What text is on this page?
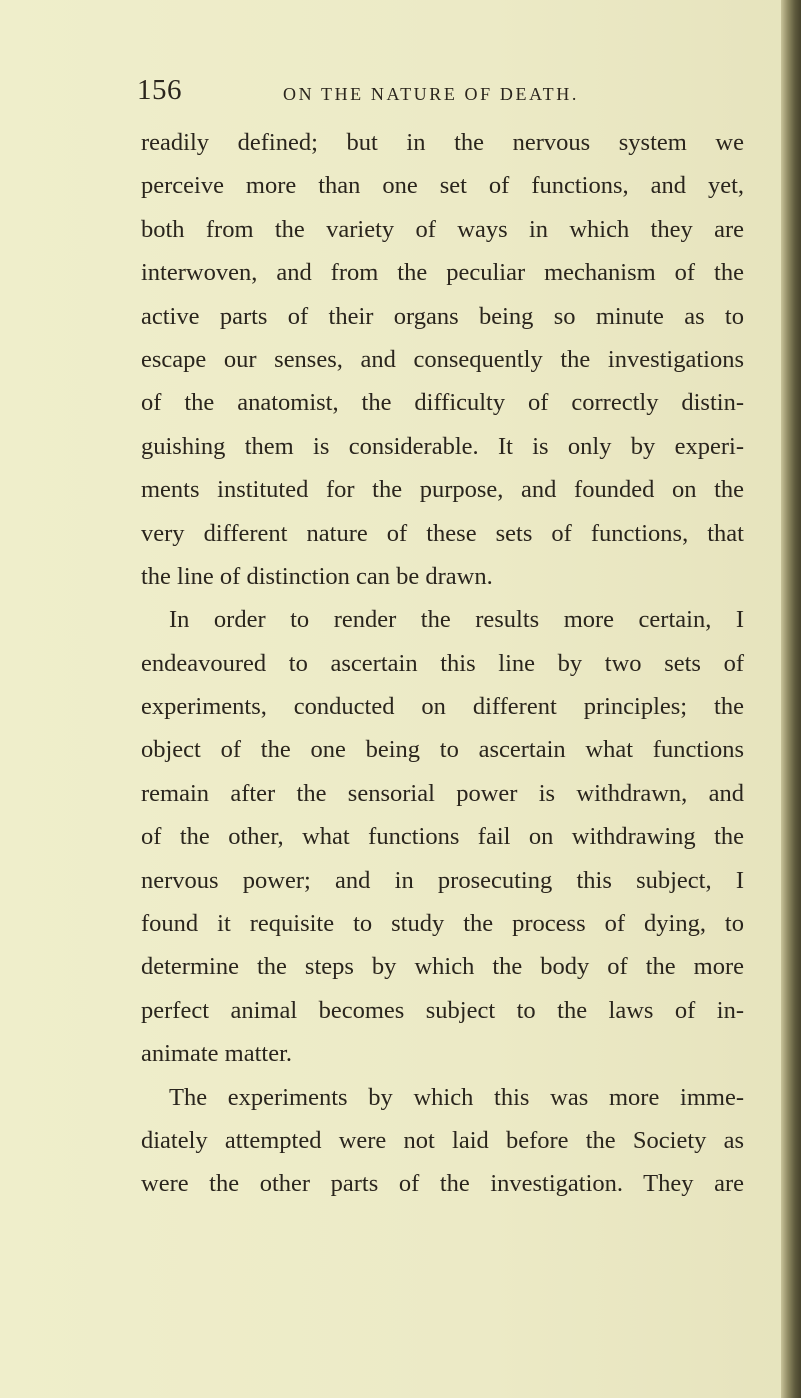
156	ON THE NATURE OF DEATH.
readily defined; but in the nervous system we
perceive more than one set of functions, and yet,
both from the variety of ways in which they are
interwoven, and from the peculiar mechanism of the
active parts of their organs being so minute as to
escape our senses, and consequently the investigations
of the anatomist, the difficulty of correctly distin-
guishing them is considerable. It is only by experi-
ments instituted for the purpose, and founded on the
very different nature of these sets of functions, that
the line of distinction can be drawn.
In order to render the results more certain, I
endeavoured to ascertain this line by two sets of
experiments, conducted on different principles; the
object of the one being to ascertain what functions
remain after the sensorial power is withdrawn, and
of the other, what functions fail on withdrawing the
nervous power; and in prosecuting this subject, I
found it requisite to study the process of dying, to
determine the steps by which the body of the more
perfect animal becomes subject to the laws of in-
animate matter.
The experiments by which this was more imme-
diately attempted were not laid before the Society as
were the other parts of the investigation. They are
